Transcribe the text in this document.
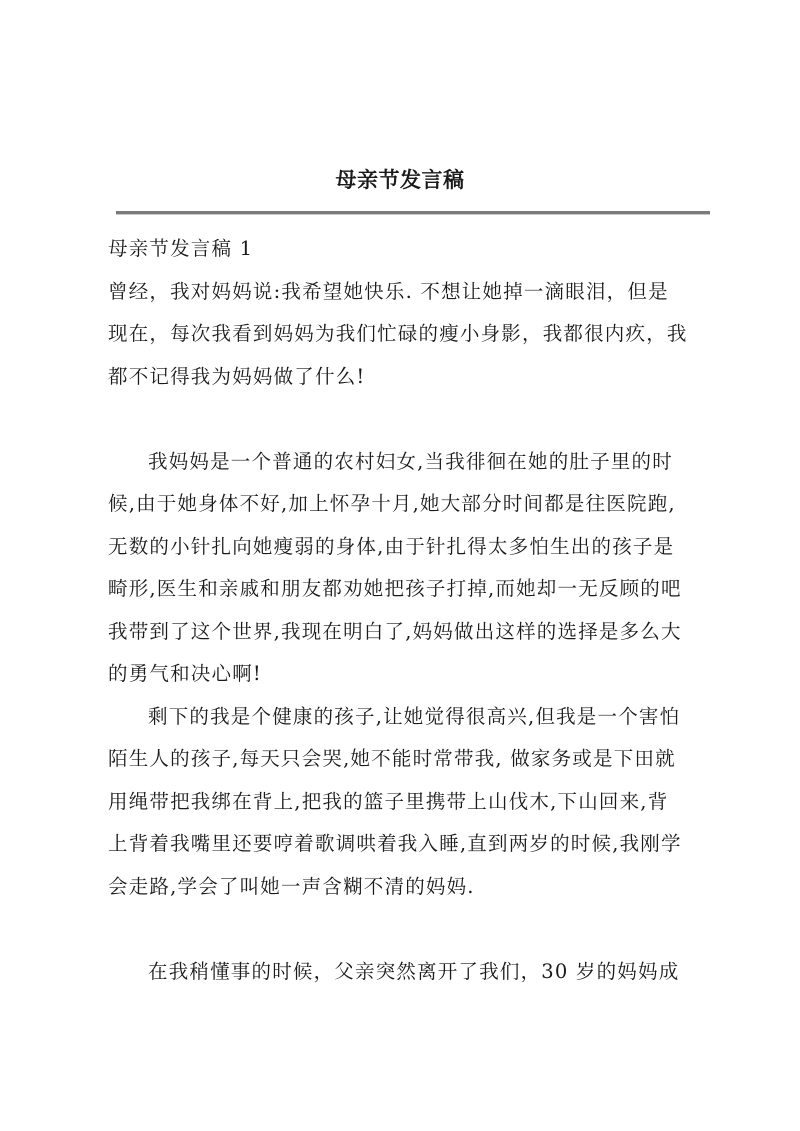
母亲节发言稿
母亲节发言稿 1
曾经，我对妈妈说:我希望她快乐. 不想让她掉一滴眼泪，但是
现在，每次我看到妈妈为我们忙碌的瘦小身影，我都很内疚，我
都不记得我为妈妈做了什么!
我妈妈是一个普通的农村妇女,当我徘徊在她的肚子里的时
候,由于她身体不好,加上怀孕十月,她大部分时间都是往医院跑,
无数的小针扎向她瘦弱的身体,由于针扎得太多怕生出的孩子是
畸形,医生和亲戚和朋友都劝她把孩子打掉,而她却一无反顾的吧
我带到了这个世界,我现在明白了,妈妈做出这样的选择是多么大
的勇气和决心啊!
剩下的我是个健康的孩子,让她觉得很高兴,但我是一个害怕
陌生人的孩子,每天只会哭,她不能时常带我, 做家务或是下田就
用绳带把我绑在背上,把我的篮子里携带上山伐木,下山回来,背
上背着我嘴里还要哼着歌调哄着我入睡,直到两岁的时候,我刚学
会走路,学会了叫她一声含糊不清的妈妈.
在我稍懂事的时候，父亲突然离开了我们，30 岁的妈妈成
